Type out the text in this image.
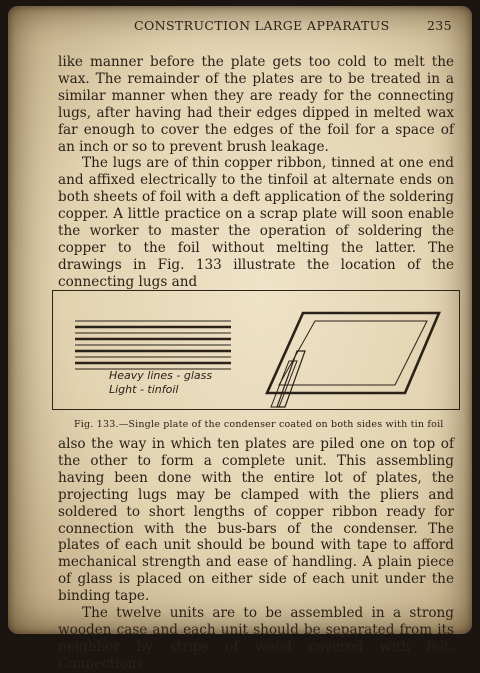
CONSTRUCTION LARGE APPARATUS	235

like manner before the plate gets too cold to melt the wax. The remainder of the plates are to be treated in a similar manner when they are ready for the connecting lugs, after having had their edges dipped in melted wax far enough to cover the edges of the foil for a space of an inch or so to prevent brush leakage.

The lugs are of thin copper ribbon, tinned at one end and affixed electrically to the tinfoil at alternate ends on both sheets of foil with a deft application of the soldering copper. A little practice on a scrap plate will soon enable the worker to master the operation of soldering the copper to the foil without melting the latter. The drawings in Fig. 133 illustrate the location of the connecting lugs and

Heavy lines - glass
Light - tinfoil
Fig. 133.—Single plate of the condenser coated on both sides with tin foil

also the way in which ten plates are piled one on top of the other to form a complete unit. This assembling having been done with the entire lot of plates, the projecting lugs may be clamped with the pliers and soldered to short lengths of copper ribbon ready for connection with the bus-bars of the condenser. The plates of each unit should be bound with tape to afford mechanical strength and ease of handling. A plain piece of glass is placed on either side of each unit under the binding tape.

The twelve units are to be assembled in a strong wooden case and each unit should be separated from its neighbor by strips of wood covered with felt. Connections
